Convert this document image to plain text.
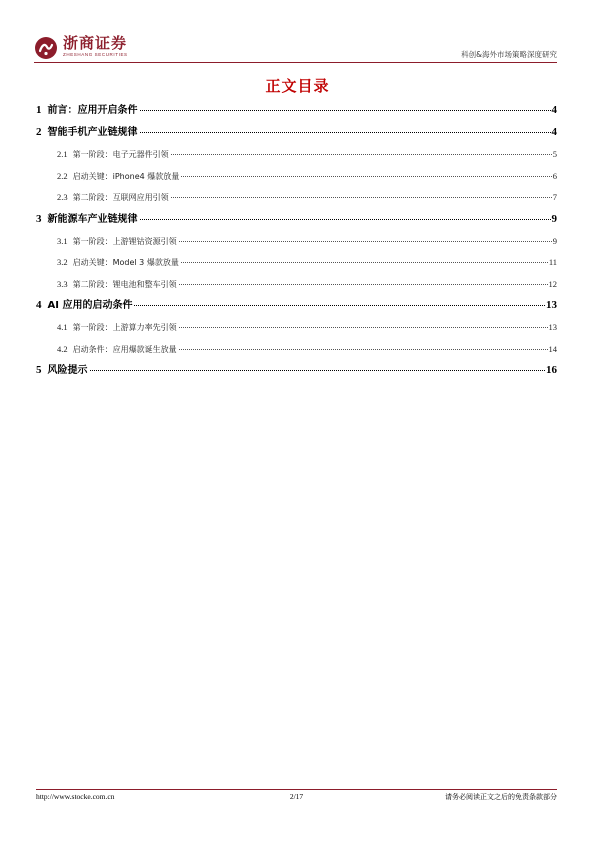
浙商证券
ZHESHANG SECURITIES	科创&海外市场策略深度研究
正文目录
1 前言：应用开启条件	4
2 智能手机产业链规律	4
2.1 第一阶段：电子元器件引领	5
2.2 启动关键：iPhone4 爆款放量	6
2.3 第二阶段：互联网应用引领	7
3 新能源车产业链规律	9
3.1 第一阶段：上游锂钴资源引领	9
3.2 启动关键：Model 3 爆款放量	11
3.3 第二阶段：锂电池和整车引领	12
4 AI 应用的启动条件	13
4.1 第一阶段：上游算力率先引领	13
4.2 启动条件：应用爆款诞生放量	14
5 风险提示	16
http://www.stocke.com.cn	2/17	请务必阅读正文之后的免责条款部分
